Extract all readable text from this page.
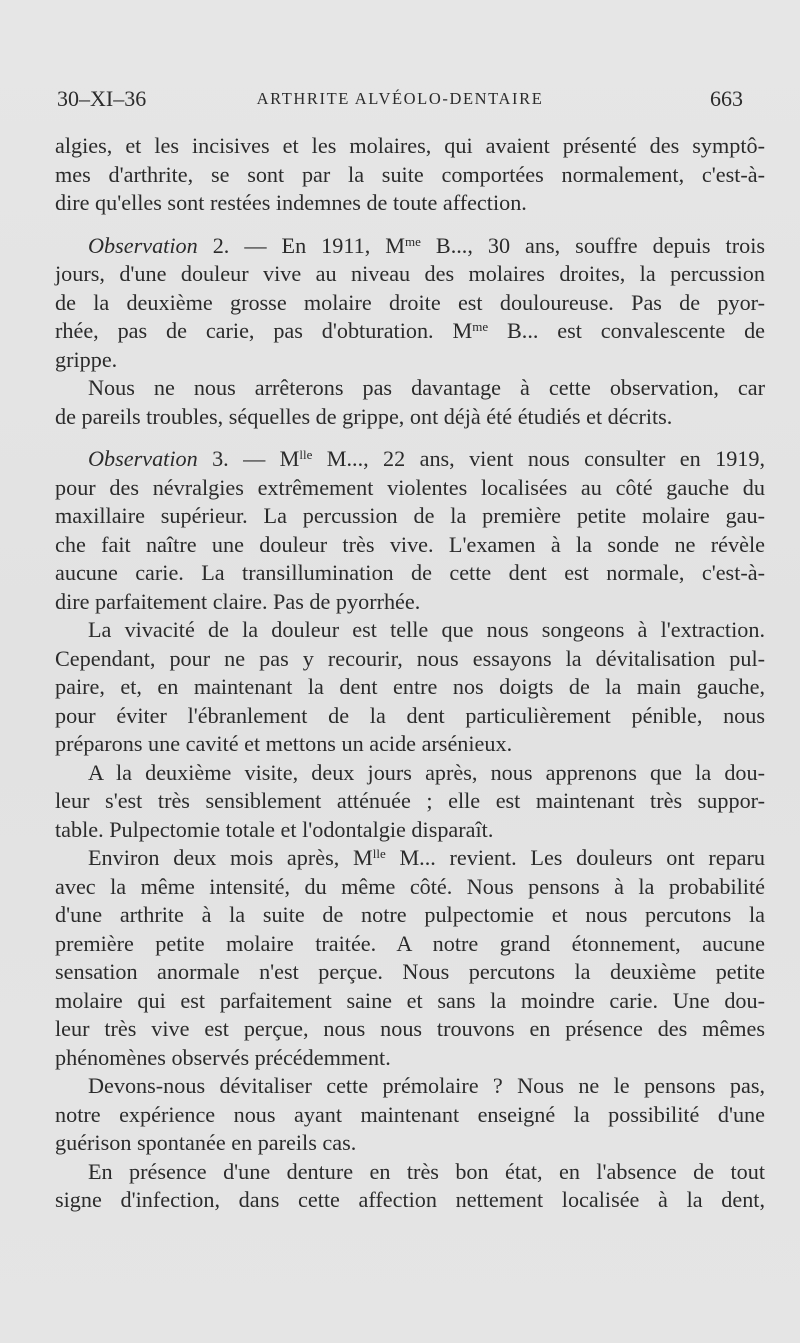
30–XI–36	ARTHRITE ALVÉOLO-DENTAIRE	663
algies, et les incisives et les molaires, qui avaient présenté des symptô-
mes d'arthrite, se sont par la suite comportées normalement, c'est-à-
dire qu'elles sont restées indemnes de toute affection.
Observation 2. — En 1911, $M^{me}$ B..., 30 ans, souffre depuis trois
jours, d'une douleur vive au niveau des molaires droites, la percussion
de la deuxième grosse molaire droite est douloureuse. Pas de pyor-
rhée, pas de carie, pas d'obturation. $M^{me}$ B... est convalescente de
grippe.
Nous ne nous arrêterons pas davantage à cette observation, car
de pareils troubles, séquelles de grippe, ont déjà été étudiés et décrits.
Observation 3. — $M^{lle}$ M..., 22 ans, vient nous consulter en 1919,
pour des névralgies extrêmement violentes localisées au côté gauche du
maxillaire supérieur. La percussion de la première petite molaire gau-
che fait naître une douleur très vive. L'examen à la sonde ne révèle
aucune carie. La transillumination de cette dent est normale, c'est-à-
dire parfaitement claire. Pas de pyorrhée.
La vivacité de la douleur est telle que nous songeons à l'extraction.
Cependant, pour ne pas y recourir, nous essayons la dévitalisation pul-
paire, et, en maintenant la dent entre nos doigts de la main gauche,
pour éviter l'ébranlement de la dent particulièrement pénible, nous
préparons une cavité et mettons un acide arsénieux.
A la deuxième visite, deux jours après, nous apprenons que la dou-
leur s'est très sensiblement atténuée ; elle est maintenant très suppor-
table. Pulpectomie totale et l'odontalgie disparaît.
Environ deux mois après, $M^{lle}$ M... revient. Les douleurs ont reparu
avec la même intensité, du même côté. Nous pensons à la probabilité
d'une arthrite à la suite de notre pulpectomie et nous percutons la
première petite molaire traitée. A notre grand étonnement, aucune
sensation anormale n'est perçue. Nous percutons la deuxième petite
molaire qui est parfaitement saine et sans la moindre carie. Une dou-
leur très vive est perçue, nous nous trouvons en présence des mêmes
phénomènes observés précédemment.
Devons-nous dévitaliser cette prémolaire ? Nous ne le pensons pas,
notre expérience nous ayant maintenant enseigné la possibilité d'une
guérison spontanée en pareils cas.
En présence d'une denture en très bon état, en l'absence de tout
signe d'infection, dans cette affection nettement localisée à la dent,
